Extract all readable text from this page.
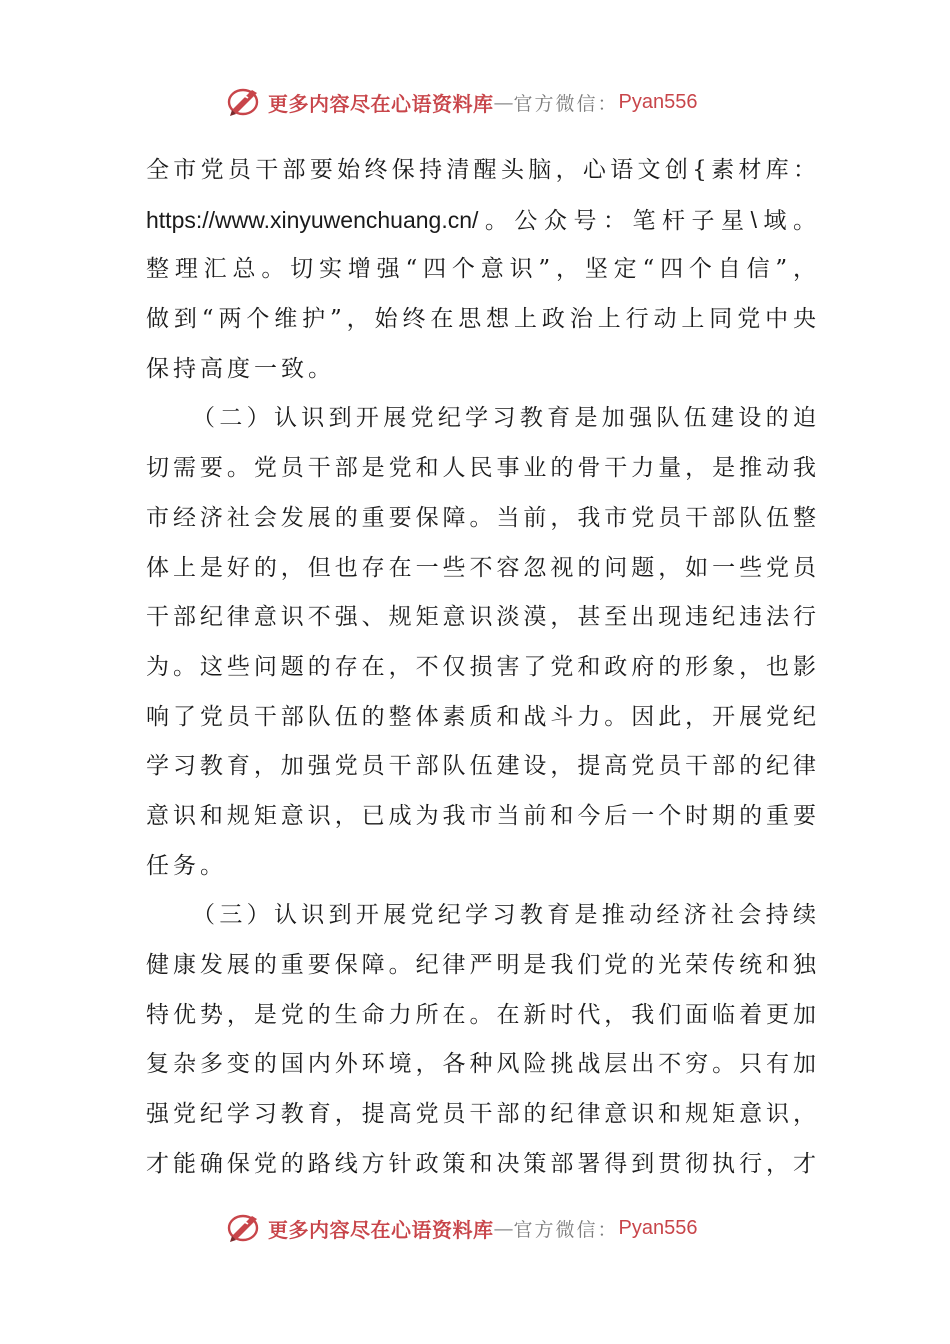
更多内容尽在心语资料库 — 官方微信： Pyan556
全市党员干部要始终保持清醒头脑，心语文创{素材库：
https://www.xinyuwenchuang.cn/。公众号：笔杆子星\域。
整理汇总。切实增强“四个意识”，坚定“四个自信”，
做到“两个维护”，始终在思想上政治上行动上同党中央
保持高度一致。
（二）认识到开展党纪学习教育是加强队伍建设的迫
切需要。党员干部是党和人民事业的骨干力量，是推动我
市经济社会发展的重要保障。当前，我市党员干部队伍整
体上是好的，但也存在一些不容忽视的问题，如一些党员
干部纪律意识不强、规矩意识淡漠，甚至出现违纪违法行
为。这些问题的存在，不仅损害了党和政府的形象，也影
响了党员干部队伍的整体素质和战斗力。因此，开展党纪
学习教育，加强党员干部队伍建设，提高党员干部的纪律
意识和规矩意识，已成为我市当前和今后一个时期的重要
任务。
（三）认识到开展党纪学习教育是推动经济社会持续
健康发展的重要保障。纪律严明是我们党的光荣传统和独
特优势，是党的生命力所在。在新时代，我们面临着更加
复杂多变的国内外环境，各种风险挑战层出不穷。只有加
强党纪学习教育，提高党员干部的纪律意识和规矩意识，
才能确保党的路线方针政策和决策部署得到贯彻执行，才
更多内容尽在心语资料库 — 官方微信： Pyan556
